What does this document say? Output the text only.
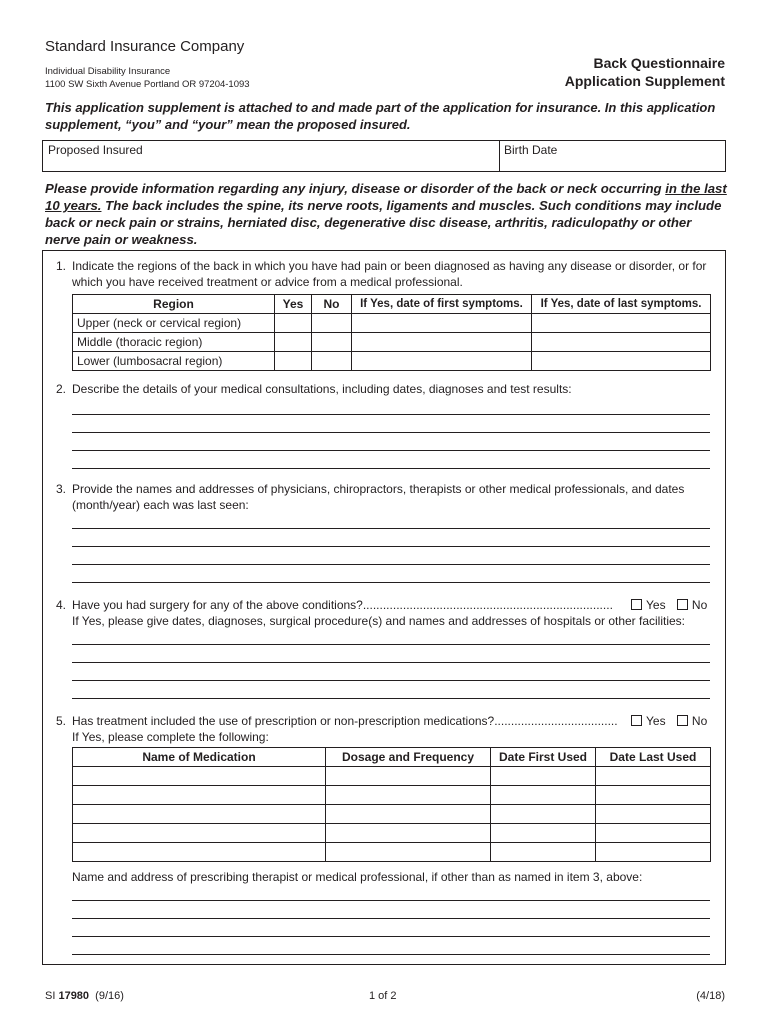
Standard Insurance Company
Individual Disability Insurance
1100 SW Sixth Avenue Portland OR 97204-1093
Back Questionnaire
Application Supplement
This application supplement is attached to and made part of the application for insurance. In this application supplement, “you” and “your” mean the proposed insured.
Proposed Insured	Birth Date
Please provide information regarding any injury, disease or disorder of the back or neck occurring in the last 10 years. The back includes the spine, its nerve roots, ligaments and muscles. Such conditions may include back or neck pain or strains, herniated disc, degenerative disc disease, arthritis, radiculopathy or other nerve pain or weakness.
1. Indicate the regions of the back in which you have had pain or been diagnosed as having any disease or disorder, or for which you have received treatment or advice from a medical professional.
Region	Yes	No	If Yes, date of first symptoms.	If Yes, date of last symptoms.
Upper (neck or cervical region)				
Middle (thoracic region)				
Lower (lumbosacral region)				
2. Describe the details of your medical consultations, including dates, diagnoses and test results:
3. Provide the names and addresses of physicians, chiropractors, therapists or other medical professionals, and dates (month/year) each was last seen:
4. Have you had surgery for any of the above conditions?...........................................................................	Yes No
If Yes, please give dates, diagnoses, surgical procedure(s) and names and addresses of hospitals or other facilities:
5. Has treatment included the use of prescription or non-prescription medications?.....................................	Yes No
If Yes, please complete the following:
Name of Medication	Dosage and Frequency	Date First Used	Date Last Used

Name and address of prescribing therapist or medical professional, if other than as named in item 3, above:
SI 17980  (9/16)	1 of 2	(4/18)
